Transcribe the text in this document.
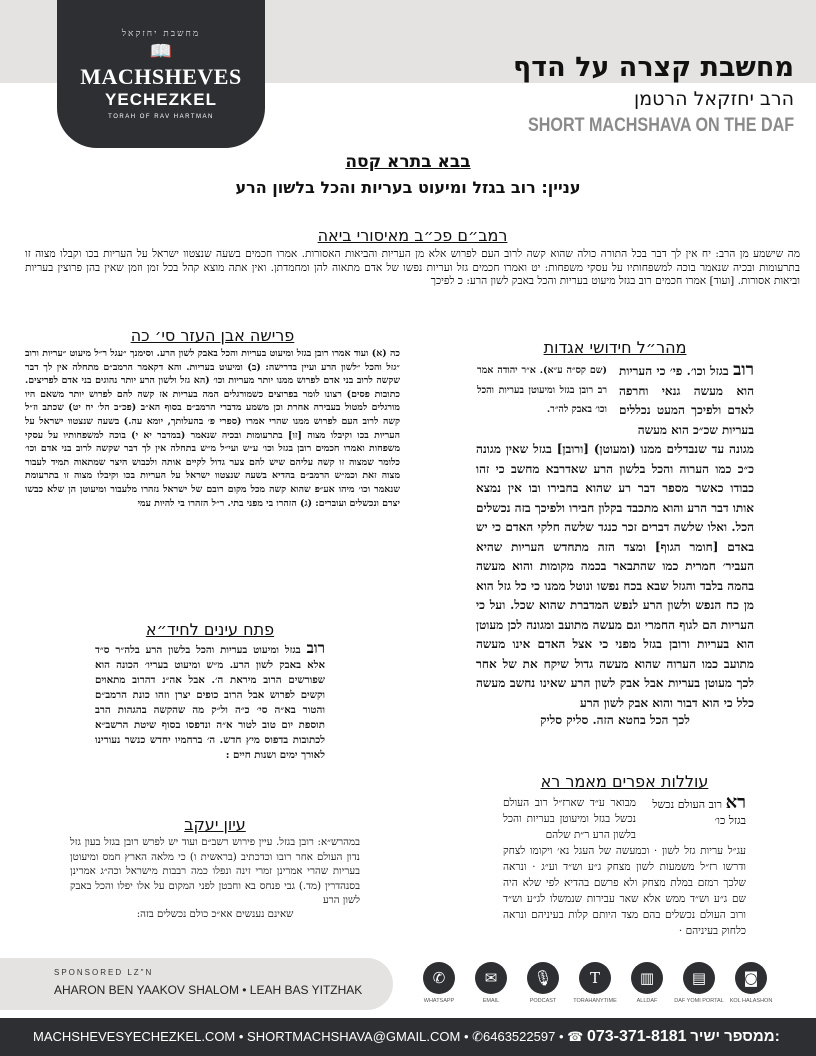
מחשבת יחזקאל
📖
MACHSHEVES
YECHEZKEL
TORAH OF RAV HARTMAN
מחשבת קצרה על הדף
הרב יחזקאל הרטמן
SHORT MACHSHAVA ON THE DAF
בבא בתרא קסה
עניין: רוב בגזל ומיעוט בעריות והכל בלשון הרע
רמב״ם פכ״ב מאיסורי ביאה
מה שישמע מן הרב: יח אין לך דבר בכל התורה כולה שהוא קשה לרוב העם לפרוש אלא מן העריות והביאות האסורות. אמרו חכמים בשעה שנצטוו ישראל על העריות בכו וקבלו מצוה זו בתרעומות ובכיה שנאמר בוכה למשפחותיו על עסקי משפחות: יט ואמרו חכמים גזל ועריות נפשו של אדם מתאוה להן ומחמדתן. ואין אתה מוצא קהל בכל זמן וזמן שאין בהן פרוצין בעריות וביאות אסורות. [ועוד] אמרו חכמים רוב בגזל מיעוט בעריות והכל באבק לשון הרע: כ לפיכך
פרישה אבן העזר סי׳ כה
כה (א) ועוד אמרו רובן בגזל ומיעוט בעריות והכל באבק לשון הרע. וסימנך ״עגל ר״ל מיעוט ״עריות ורוב ״גזל והכל ״לשון הרע ועיין בדרישה: (ב) ומיעוט בעריות. והא דקאמר הרמב״ם מתחלה אין לך דבר שקשה לרוב בני אדם לפרוש ממנו יותר מעריות וכו׳ (הא גזל ולשון הרע יותר נהוגים בני אדם לפריצים. כתובות פסים) רצונו לומר בפרוצים כשמורגלים המה בעריות אז קשה להם לפרוש יותר משאם היו מורגלים למטול בעבירה אחרת וכן משמע מדברי הרמב״ם בסוף הא״ב (פכ״ב הל׳ יח יט) שכתב וז״ל קשה לרוב העם לפרוש ממנו שהרי אמרו (ספרי פ׳ בהעלותך, יומא עה.) בשעה שנצטוו ישראל על העריות בכו וקיבלו מצוה [זו] בתרעומות ובכיה שנאמר (במדבר יא י) בוכה למשפחותיו על עסקי משפחות ואמרו חכמים רובן בגזל וכו׳ ע״ש ועי״ל מ״ש בתחלה אין לך דבר שקשה לרוב בני אדם וכו׳ כלומר שמצוה זו קשה עליהם שיש להם צער גדול לקיים אותה ולכבוש היצר שמתאוה תמיד לעבור מצוה זאת וכמ״ש הרמב״ם בהדיא בשעה שנצטוו ישראל על העריות בכו וקיבלו מצוה זו בתרעומת שנאמר וכו׳ מיהו אע״פ שהוא קשה מכל מקום רובם של ישראל נזהרו מלעבור ומיעוטן הן שלא כבשו יצרם ונכשלים ועוברים: (ג) הזהרו בי מפני בתי. ר״ל הזהרו בי להיות עמי
פתח עינים לחיד״א
רוב בגזל ומיעוט בעריות והכל בלשון הרע בלה״ר ס״ד אלא באבק לשון הרע. מ״ש ומיעוט בעריו׳ הכונה הוא שפורשים הרוב מיראת ה׳. אבל אה״נ דהרוב מתאוים וקשים לפרוש אבל הרוב כופים יצרן וזהו כונת הרמב״ם והטור בא״ה סי׳ כ״ה ול״ק מה שהקשה בהגהות הרב תוספת יום טוב לטור א״ה ונדפסו בסוף שיטת הרשב״א לכתובות בדפוס מיץ חדש. ה׳ ברחמיו יחדש כנשר נעורינו לאורך ימים ושנות חיים :
עיון יעקב
במהרש״א: רובן בגזל. עיין פירוש רשב״ם ועוד יש לפרש רובן בגזל בעון גזל נדון העולם אחר רובו וכדכתיב (בראשית ו) כי מלאה הארץ חמס ומיעוטן בעריות שהרי אמרינן זמרי זינה ונפלו כמה רבבות מישראל וכה״ג אמרינן בסנהדרין (מד.) גבי פנחס בא וחבטן לפני המקום על אלו יפלו והכל באבק לשון הרע
שאינם נענשים אא״כ כולם נכשלים בזה:
מהר״ל חידושי אגדות
רוב בגזל וכו׳. פי׳ כי העריות הוא מעשה גנאי וחרפה לאדם ולפיכך המעט נכללים בעריות שכ״כ הוא מעשה
(שם קס״ה ע״א). א״ר יהודה אמר רב רובן בגזל ומיעוטן בעריות והכל וכו׳ באבק לה״ר.
מגונה עד שנבדלים ממנו (ומעוטן) [ורובן] בגזל שאין מגונה כ״כ כמו הערוה והכל בלשון הרע שאדרבא מחשב כי זהו כבודו כאשר מספר דבר רע שהוא בחבירו ובו אין נמצא אותו דבר הרע והוא מתכבד בקלון חבירו ולפיכך בזה נכשלים הכל. ואלו שלשה דברים זכר כנגד שלשה חלקי האדם כי יש באדם [חומר הגוף] ומצד הזה מתחדש העריות שהיא העביר׳ חמרית כמו שהתבאר בכמה מקומות והוא מעשה בהמה בלבד והגזל שבא בכח נפשו ונוטל ממנו כי כל גזל הוא מן כח הנפש ולשון הרע לנפש המדברת שהוא שכל. ועל כי העריות הם לגוף החמרי וגם מעשה מתועב ומגונה לכן מעוטן הוא בעריות ורובן בגזל מפני כי אצל האדם אינו מעשה מתועב כמו הערוה שהוא מעשה גדול שיקח את של אחר לכך מעוטן בעריות אבל אבק לשון הרע שאינו נחשב מעשה כלל כי הוא דבור והוא אבק לשון הרע
לכך הכל בחטא הזה. סליק סליק
עוללות אפרים מאמר רא
רא רוב העולם נכשל בגזל כו׳
מבואר ע״ד שארז״ל רוב העולם נכשל בגזל ומיעוטן בעריות והכל בלשון הרע ר״ת שלהם
עג״ל עריות גזל לשון · וכמעשה של העגל נא׳ ויקומו לצחק ודרשו רז״ל משמעות לשון מצחק ג״ע וש״ד וע״ג · ונראה שלכך רמזם במלת מצחק ולא פרשם בהדיא לפי שלא היה שם ג״ע וש״ד ממש אלא שאר עבירות שנמשלו לג״ע וש״ד ורוב העולם נכשלים בהם מצד היותם קלות בעיניהם ונראה כלחוק בעיניהם ·
SPONSORED LZ"N
AHARON BEN YAAKOV SHALOM • LEAH BAS YITZHAK
✆
WHATSAPP
✉
EMAIL
🎙
PODCAST
T
TORAHANYTIME
▥
ALLDAF
▤
DAF YOMI PORTAL
◙
KOL HALASHON
MACHSHEVESYECHEZKEL.COM • SHORTMACHSHAVA@GMAIL.COM • ✆6463522597 • ☎ 073-371-8181 ממספר ישיר:
